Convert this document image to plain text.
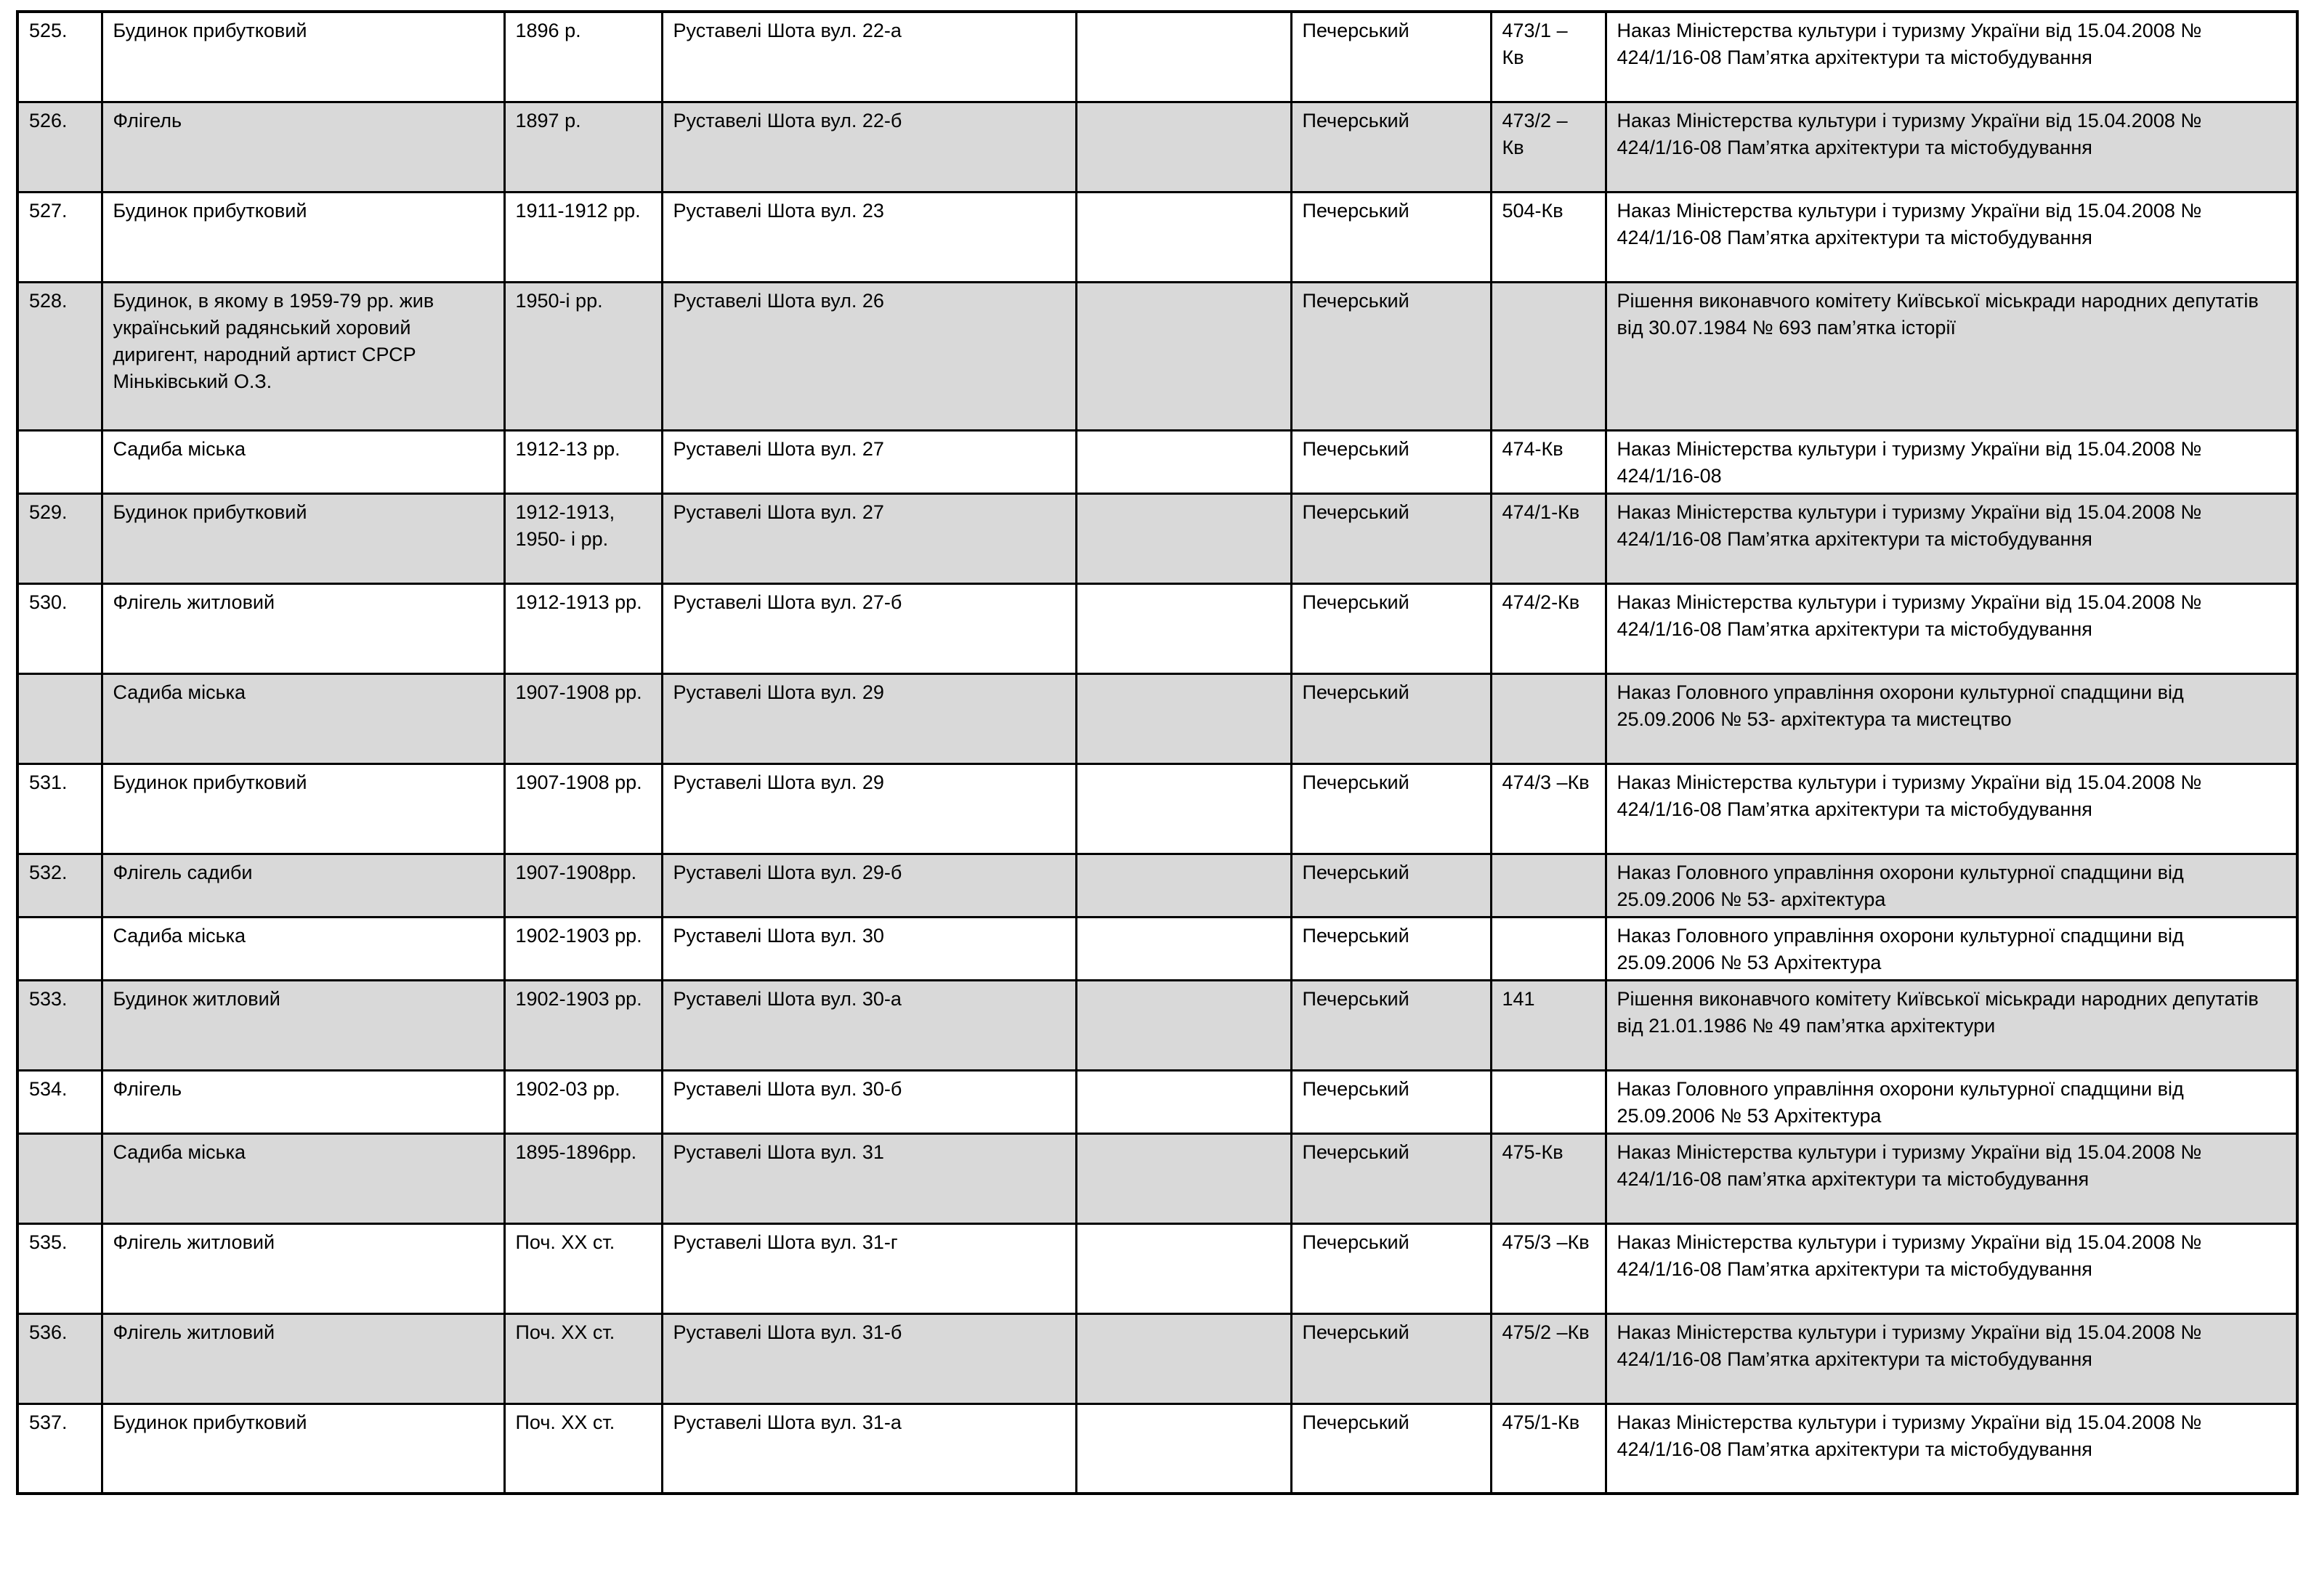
525.	Будинок прибутковий	1896 р.	Руставелі Шота вул. 22-а		Печерський	473/1 – Кв	Наказ Міністерства культури і туризму України від 15.04.2008 № 424/1/16-08 Пам’ятка архітектури та містобудування
526.	Флігель	1897 р.	Руставелі Шота вул. 22-б		Печерський	473/2 – Кв	Наказ Міністерства культури і туризму України від 15.04.2008 № 424/1/16-08 Пам’ятка архітектури та містобудування
527.	Будинок прибутковий	1911-1912 рр.	Руставелі Шота вул. 23		Печерський	504-Кв	Наказ Міністерства культури і туризму України від 15.04.2008 № 424/1/16-08 Пам’ятка архітектури та містобудування
528.	Будинок, в якому в 1959-79 рр. жив український радянський хоровий диригент, народний артист СРСР Міньківський О.З.	1950-і рр.	Руставелі Шота вул. 26		Печерський		Рішення виконавчого комітету Київської міськради народних депутатів від 30.07.1984 № 693 пам’ятка історії
	Садиба міська	1912-13 рр.	Руставелі Шота вул. 27		Печерський	474-Кв	Наказ Міністерства культури і туризму України від 15.04.2008 № 424/1/16-08
529.	Будинок прибутковий	1912-1913, 1950- і рр.	Руставелі Шота вул. 27		Печерський	474/1-Кв	Наказ Міністерства культури і туризму України від 15.04.2008 № 424/1/16-08 Пам’ятка архітектури та містобудування
530.	Флігель житловий	1912-1913 рр.	Руставелі Шота вул. 27-б		Печерський	474/2-Кв	Наказ Міністерства культури і туризму України від 15.04.2008 № 424/1/16-08 Пам’ятка архітектури та містобудування
	Садиба міська	1907-1908 рр.	Руставелі Шота вул. 29		Печерський		Наказ Головного управління охорони культурної спадщини від 25.09.2006 № 53- архітектура та мистецтво
531.	Будинок прибутковий	1907-1908 рр.	Руставелі Шота вул. 29		Печерський	474/3 –Кв	Наказ Міністерства культури і туризму України від 15.04.2008 № 424/1/16-08 Пам’ятка архітектури та містобудування
532.	Флігель садиби	1907-1908рр.	Руставелі Шота вул. 29-б		Печерський		Наказ Головного управління охорони культурної спадщини від 25.09.2006 № 53- архітектура
	Садиба міська	1902-1903 рр.	Руставелі Шота вул. 30		Печерський		Наказ Головного управління охорони культурної спадщини від 25.09.2006 № 53 Архітектура
533.	Будинок житловий	1902-1903 рр.	Руставелі Шота вул. 30-а		Печерський	141	Рішення виконавчого комітету Київської міськради народних депутатів від 21.01.1986 № 49 пам’ятка архітектури
534.	Флігель	1902-03 рр.	Руставелі Шота вул. 30-б		Печерський		Наказ Головного управління охорони культурної спадщини від 25.09.2006 № 53 Архітектура
	Садиба міська	1895-1896рр.	Руставелі Шота вул. 31		Печерський	475-Кв	Наказ Міністерства культури і туризму України від 15.04.2008 № 424/1/16-08 пам’ятка архітектури та містобудування
535.	Флігель житловий	Поч. ХХ ст.	Руставелі Шота вул. 31-г		Печерський	475/3 –Кв	Наказ Міністерства культури і туризму України від 15.04.2008 № 424/1/16-08 Пам’ятка архітектури та містобудування
536.	Флігель житловий	Поч. ХХ ст.	Руставелі Шота вул. 31-б		Печерський	475/2 –Кв	Наказ Міністерства культури і туризму України від 15.04.2008 № 424/1/16-08 Пам’ятка архітектури та містобудування
537.	Будинок прибутковий	Поч. ХХ ст.	Руставелі Шота вул. 31-а		Печерський	475/1-Кв	Наказ Міністерства культури і туризму України від 15.04.2008 № 424/1/16-08 Пам’ятка архітектури та містобудування
